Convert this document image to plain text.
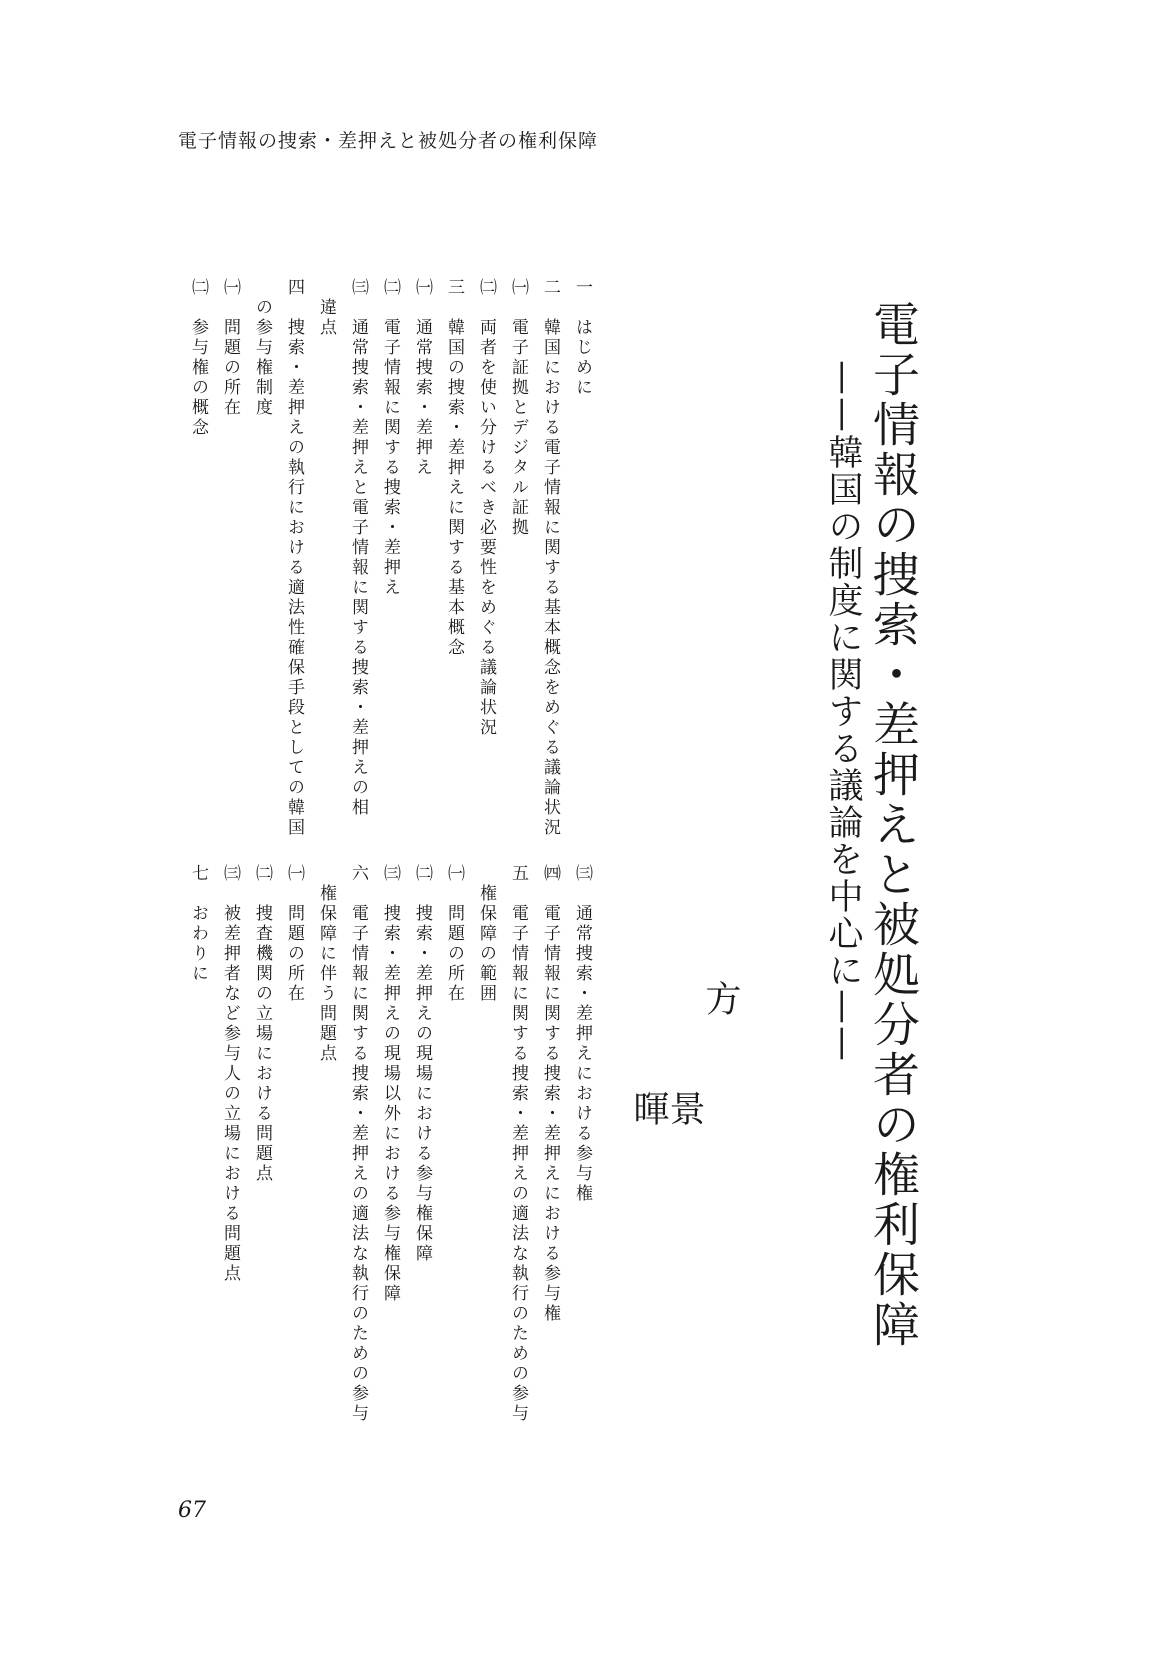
電子情報の捜索・差押えと被処分者の権利保障
電子情報の捜索・差押えと被処分者の権利保障
——韓国の制度に関する議論を中心に——
方
景
暉
一　はじめに
二　韓国における電子情報に関する基本概念をめぐる議論状況
㈠　電子証拠とデジタル証拠
㈡　両者を使い分けるべき必要性をめぐる議論状況
三　韓国の捜索・差押えに関する基本概念
㈠　通常捜索・差押え
㈡　電子情報に関する捜索・差押え
㈢　通常捜索・差押えと電子情報に関する捜索・差押えの相
　違点
四　捜索・差押えの執行における適法性確保手段としての韓国
　の参与権制度
㈠　問題の所在
㈡　参与権の概念
㈢　通常捜索・差押えにおける参与権
㈣　電子情報に関する捜索・差押えにおける参与権
五　電子情報に関する捜索・差押えの適法な執行のための参与
　権保障の範囲
㈠　問題の所在
㈡　捜索・差押えの現場における参与権保障
㈢　捜索・差押えの現場以外における参与権保障
六　電子情報に関する捜索・差押えの適法な執行のための参与
　権保障に伴う問題点
㈠　問題の所在
㈡　捜査機関の立場における問題点
㈢　被差押者など参与人の立場における問題点
七　おわりに
67
